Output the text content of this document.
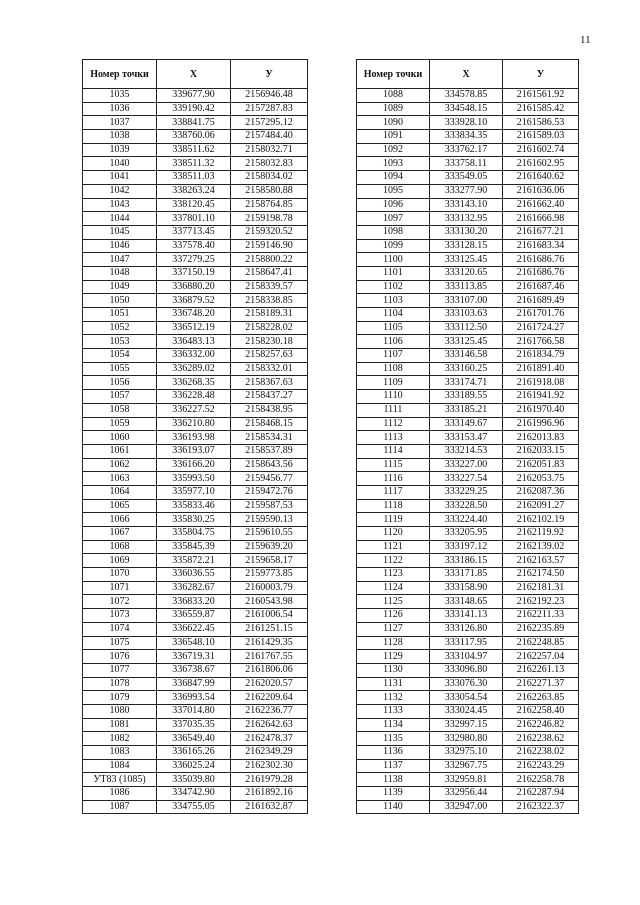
11
Номер точки	X	У
1035	339677.90	2156946.48
1036	339190.42	2157287.83
1037	338841.75	2157295.12
1038	338760.06	2157484.40
1039	338511.62	2158032.71
1040	338511.32	2158032.83
1041	338511.03	2158034.02
1042	338263.24	2158580.88
1043	338120.45	2158764.85
1044	337801.10	2159198.78
1045	337713.45	2159320.52
1046	337578.40	2159146.90
1047	337279.25	2158800.22
1048	337150.19	2158647.41
1049	336880.20	2158339.57
1050	336879.52	2158338.85
1051	336748.20	2158189.31
1052	336512.19	2158228.02
1053	336483.13	2158230.18
1054	336332.00	2158257.63
1055	336289.02	2158332.01
1056	336268.35	2158367.63
1057	336228.48	2158437.27
1058	336227.52	2158438.95
1059	336210.80	2158468.15
1060	336193.98	2158534.31
1061	336193.07	2158537.89
1062	336166.20	2158643.56
1063	335993.50	2159456.77
1064	335977.10	2159472.76
1065	335833.46	2159587.53
1066	335830.25	2159590.13
1067	335804.75	2159610.55
1068	335845.39	2159639.20
1069	335872.21	2159658.17
1070	336036.55	2159773.85
1071	336282.67	2160003.79
1072	336833.20	2160543.98
1073	336559.87	2161006.54
1074	336622.45	2161251.15
1075	336548.10	2161429.35
1076	336719.31	2161767.55
1077	336738.67	2161806.06
1078	336847.99	2162020.57
1079	336993.54	2162209.64
1080	337014.80	2162236.77
1081	337035.35	2162642.63
1082	336549.40	2162478.37
1083	336165.26	2162349.29
1084	336025.24	2162302.30
УТ83 (1085)	335039.80	2161979.28
1086	334742.90	2161892.16
1087	334755.05	2161632.87
Номер точки	X	У
1088	334578.85	2161561.92
1089	334548.15	2161585.42
1090	333928.10	2161586.53
1091	333834.35	2161589.03
1092	333762.17	2161602.74
1093	333758.11	2161602.95
1094	333549.05	2161640.62
1095	333277.90	2161636.06
1096	333143.10	2161662.40
1097	333132.95	2161666.98
1098	333130.20	2161677.21
1099	333128.15	2161683.34
1100	333125.45	2161686.76
1101	333120.65	2161686.76
1102	333113.85	2161687.46
1103	333107.00	2161689.49
1104	333103.63	2161701.76
1105	333112.50	2161724.27
1106	333125.45	2161766.58
1107	333146.58	2161834.79
1108	333160.25	2161891.40
1109	333174.71	2161918.08
1110	333189.55	2161941.92
1111	333185.21	2161970.40
1112	333149.67	2161996.96
1113	333153.47	2162013.83
1114	333214.53	2162033.15
1115	333227.00	2162051.83
1116	333227.54	2162053.75
1117	333229.25	2162087.36
1118	333228.50	2162091.27
1119	333224.40	2162102.19
1120	333205.95	2162119.92
1121	333197.12	2162139.02
1122	333186.15	2162163.57
1123	333171.85	2162174.50
1124	333158.90	2162181.31
1125	333148.65	2162192.23
1126	333141.13	2162211.33
1127	333126.80	2162235.89
1128	333117.95	2162248.85
1129	333104.97	2162257.04
1130	333096.80	2162261.13
1131	333076.30	2162271.37
1132	333054.54	2162263.85
1133	333024.45	2162258.40
1134	332997.15	2162246.82
1135	332980.80	2162238.62
1136	332975.10	2162238.02
1137	332967.75	2162243.29
1138	332959.81	2162258.78
1139	332956.44	2162287.94
1140	332947.00	2162322.37
